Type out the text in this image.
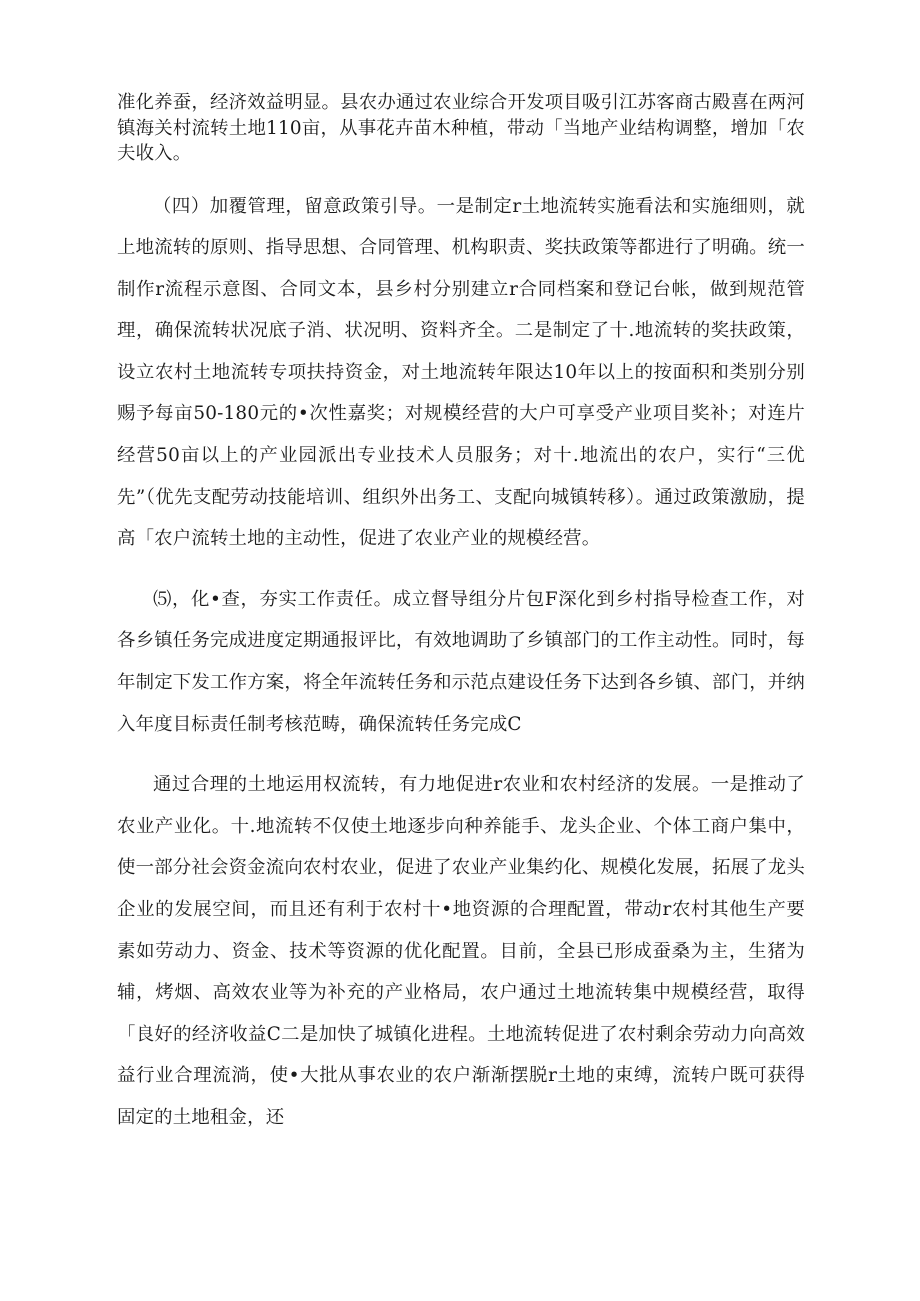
准化养蚕，经济效益明显。县农办通过农业综合开发项目吸引江苏客商古殿喜在两河镇海关村流转土地110亩，从事花卉苗木种植，带动「当地产业结构调整，增加「农夫收入。

（四）加覆管理，留意政策引导。一是制定r土地流转实施看法和实施细则，就上地流转的原则、指导思想、合同管理、机构职责、奖扶政策等都进行了明确。统一制作r流程示意图、合同文本，县乡村分别建立r合同档案和登记台帐，做到规范管理，确保流转状况底子消、状况明、资料齐全。二是制定了十.地流转的奖扶政策，设立农村土地流转专项扶持资金，对土地流转年限达10年以上的按面积和类别分别赐予每亩50-180元的•次性嘉奖；对规模经营的大户可享受产业项目奖补；对连片经营50亩以上的产业园派出专业技术人员服务；对十.地流出的农户，实行“三优先”（优先支配劳动技能培训、组织外出务工、支配向城镇转移）。通过政策激励，提高「农户流转土地的主动性，促进了农业产业的规模经营。

⑸，化•查，夯实工作责任。成立督导组分片包F深化到乡村指导检查工作，对各乡镇任务完成进度定期通报评比，有效地调助了乡镇部门的工作主动性。同时，每年制定下发工作方案，将全年流转任务和示范点建设任务下达到各乡镇、部门，并纳入年度目标责任制考核范畴，确保流转任务完成C

通过合理的土地运用权流转，有力地促进r农业和农村经济的发展。一是推动了农业产业化。十.地流转不仅使土地逐步向种养能手、龙头企业、个体工商户集中，使一部分社会资金流向农村农业，促进了农业产业集约化、规模化发展，拓展了龙头企业的发展空间，而且还有利于农村十•地资源的合理配置，带动r农村其他生产要素如劳动力、资金、技术等资源的优化配置。目前，全县已形成蚕桑为主，生猪为辅，烤烟、高效农业等为补充的产业格局，农户通过土地流转集中规模经营，取得「良好的经济收益C二是加快了城镇化进程。土地流转促进了农村剩余劳动力向高效益行业合理流淌，使•大批从事农业的农户渐渐摆脱r土地的束缚，流转户既可获得固定的土地租金，还
